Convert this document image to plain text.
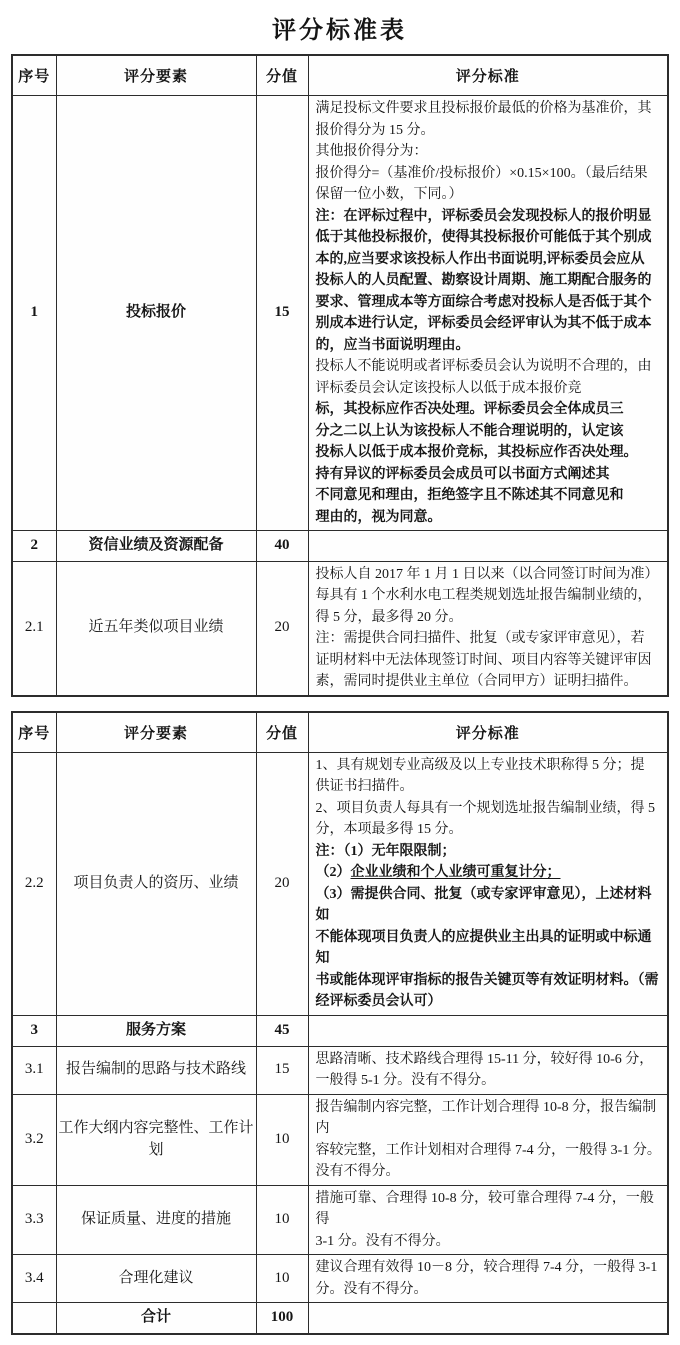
评分标准表
序号	评分要素	分值	评分标准
1	投标报价	15	
满足投标文件要求且投标报价最低的价格为基准价，其
报价得分为 15 分。
其他报价得分为：
报价得分=（基准价/投标报价）×0.15×100。（最后结果
保留一位小数，下同。）
注：在评标过程中，评标委员会发现投标人的报价明显
低于其他投标报价，使得其投标报价可能低于其个别成
本的,应当要求该投标人作出书面说明,评标委员会应从
投标人的人员配置、勘察设计周期、施工期配合服务的
要求、管理成本等方面综合考虑对投标人是否低于其个
别成本进行认定，评标委员会经评审认为其不低于成本
的，应当书面说明理由。
投标人不能说明或者评标委员会认为说明不合理的，由
评标委员会认定该投标人以低于成本报价竞
标，其投标应作否决处理。评标委员会全体成员三
分之二以上认为该投标人不能合理说明的，认定该
投标人以低于成本报价竞标，其投标应作否决处理。
持有异议的评标委员会成员可以书面方式阐述其
不同意见和理由，拒绝签字且不陈述其不同意见和
理由的，视为同意。

2	资信业绩及资源配备	40	
2.1	近五年类似项目业绩	20	
投标人自 2017 年 1 月 1 日以来（以合同签订时间为准）
每具有 1 个水利水电工程类规划选址报告编制业绩的，
得 5 分，最多得 20 分。
注：需提供合同扫描件、批复（或专家评审意见），若
证明材料中无法体现签订时间、项目内容等关键评审因
素，需同时提供业主单位（合同甲方）证明扫描件。
序号	评分要素	分值	评分标准
2.2	项目负责人的资历、业绩	20	
1、具有规划专业高级及以上专业技术职称得 5 分；提
供证书扫描件。
2、项目负责人每具有一个规划选址报告编制业绩，得 5
分，本项最多得 15 分。
注：（1）无年限限制；
（2）企业业绩和个人业绩可重复计分；
（3）需提供合同、批复（或专家评审意见），上述材料如
不能体现项目负责人的应提供业主出具的证明或中标通知
书或能体现评审指标的报告关键页等有效证明材料。（需
经评标委员会认可）

3	服务方案	45	
3.1	报告编制的思路与技术路线	15	思路清晰、技术路线合理得 15-11 分，较好得 10-6 分，
一般得 5-1 分。没有不得分。

3.2	工作大纲内容完整性、工作计划	10	报告编制内容完整，工作计划合理得 10-8 分，报告编制内
容较完整，工作计划相对合理得 7-4 分，一般得 3-1 分。
没有不得分。

3.3	保证质量、进度的措施	10	措施可靠、合理得 10-8 分，较可靠合理得 7-4 分，一般得
3-1 分。没有不得分。

3.4	合理化建议	10	建议合理有效得 10－8 分，较合理得 7-4 分，一般得 3-1
分。没有不得分。

	合计	100	
